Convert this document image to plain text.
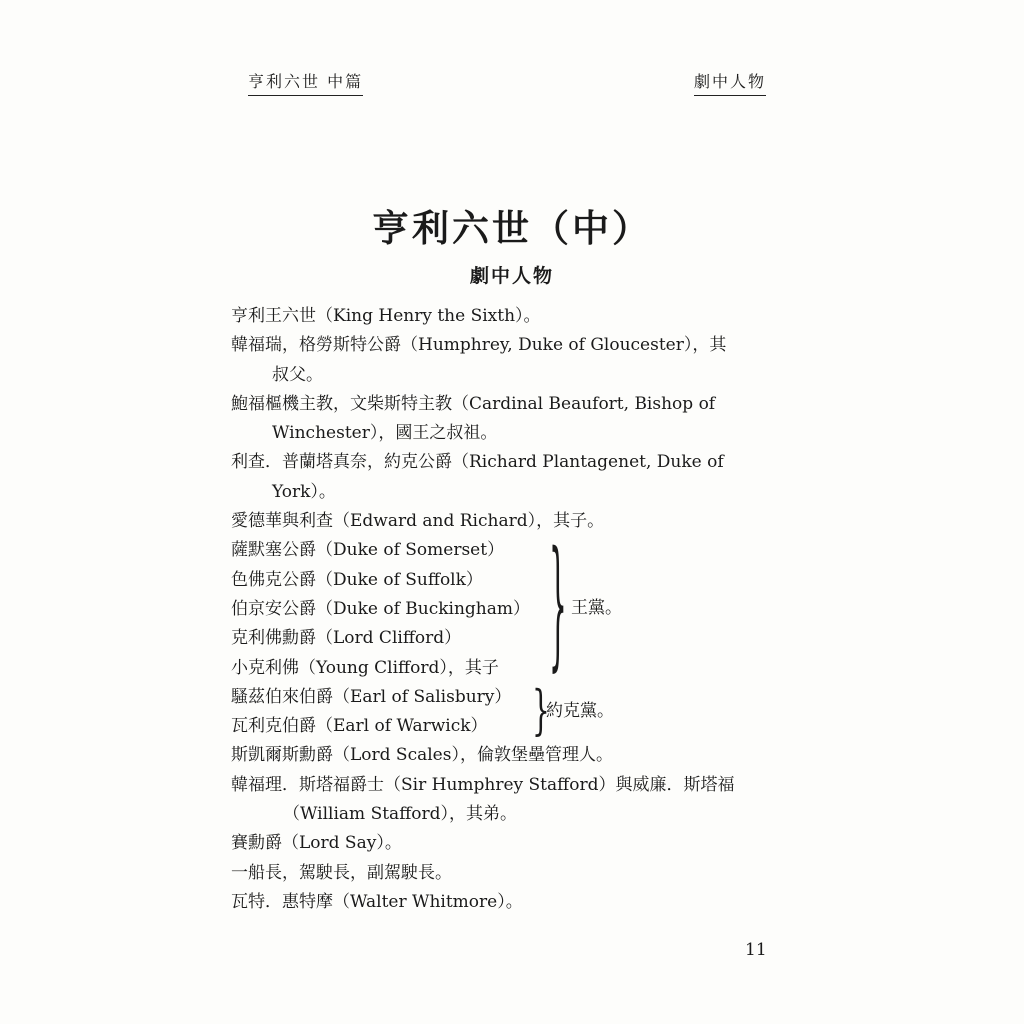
亨利六世 中篇	劇中人物
亨利六世（中）
劇中人物
亨利王六世（King Henry the Sixth）。
韓福瑞，格勞斯特公爵（Humphrey, Duke of Gloucester），其
叔父。
鮑福樞機主教，文柴斯特主教（Cardinal Beaufort, Bishop of
Winchester），國王之叔祖。
利查．普蘭塔真奈，約克公爵（Richard Plantagenet, Duke of
York）。
愛德華與利查（Edward and Richard），其子。
薩默塞公爵（Duke of Somerset）
色佛克公爵（Duke of Suffolk）
伯京安公爵（Duke of Buckingham）
克利佛勳爵（Lord Clifford）
小克利佛（Young Clifford），其子	} 王黨。
騷茲伯來伯爵（Earl of Salisbury）
瓦利克伯爵（Earl of Warwick）	}
約克黨。
斯凱爾斯勳爵（Lord Scales），倫敦堡壘管理人。
韓福理．斯塔福爵士（Sir Humphrey Stafford）與威廉．斯塔福
（William Stafford），其弟。
賽勳爵（Lord Say）。
一船長，駕駛長，副駕駛長。
瓦特．惠特摩（Walter Whitmore）。
11
